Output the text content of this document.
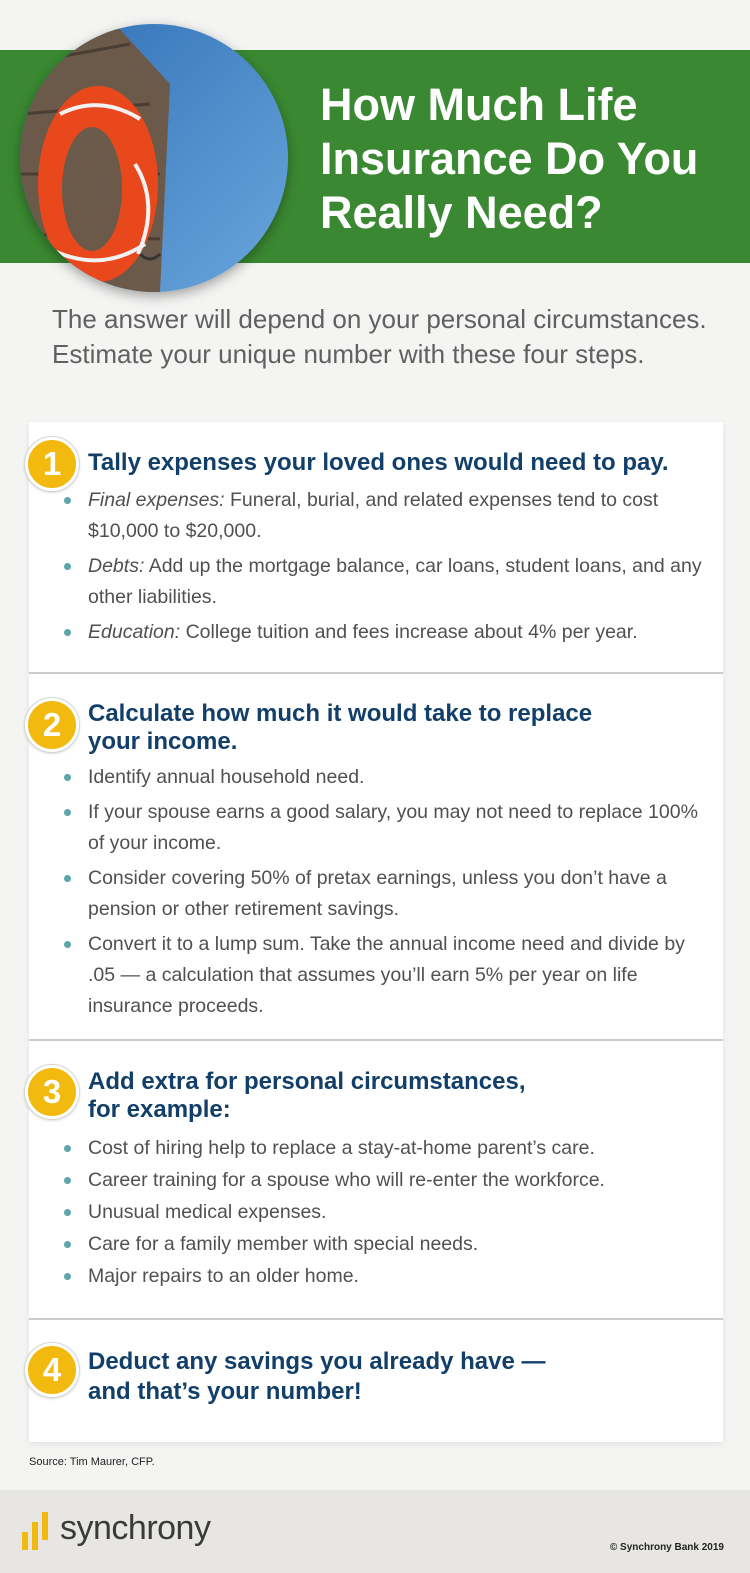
How Much Life
Insurance Do You
Really Need?

The answer will depend on your personal circumstances. Estimate your unique number with these four steps.

1	Tally expenses your loved ones would need to pay.
Final expenses: Funeral, burial, and related expenses tend to cost $10,000 to $20,000.
Debts: Add up the mortgage balance, car loans, student loans, and any other liabilities.
Education: College tuition and fees increase about 4% per year.
2	Calculate how much it would take to replace
your income.
Identify annual household need.
If your spouse earns a good salary, you may not need to replace 100% of your income.
Consider covering 50% of pretax earnings, unless you don’t have a pension or other retirement savings.
Convert it to a lump sum. Take the annual income need and divide by .05 — a calculation that assumes you’ll earn 5% per year on life insurance proceeds.
3	Add extra for personal circumstances,
for example:
Cost of hiring help to replace a stay-at-home parent’s care.
Career training for a spouse who will re-enter the workforce.
Unusual medical expenses.
Care for a family member with special needs.
Major repairs to an older home.
4	Deduct any savings you already have —
and that’s your number!
Source: Tim Maurer, CFP.
synchrony
© Synchrony Bank 2019
